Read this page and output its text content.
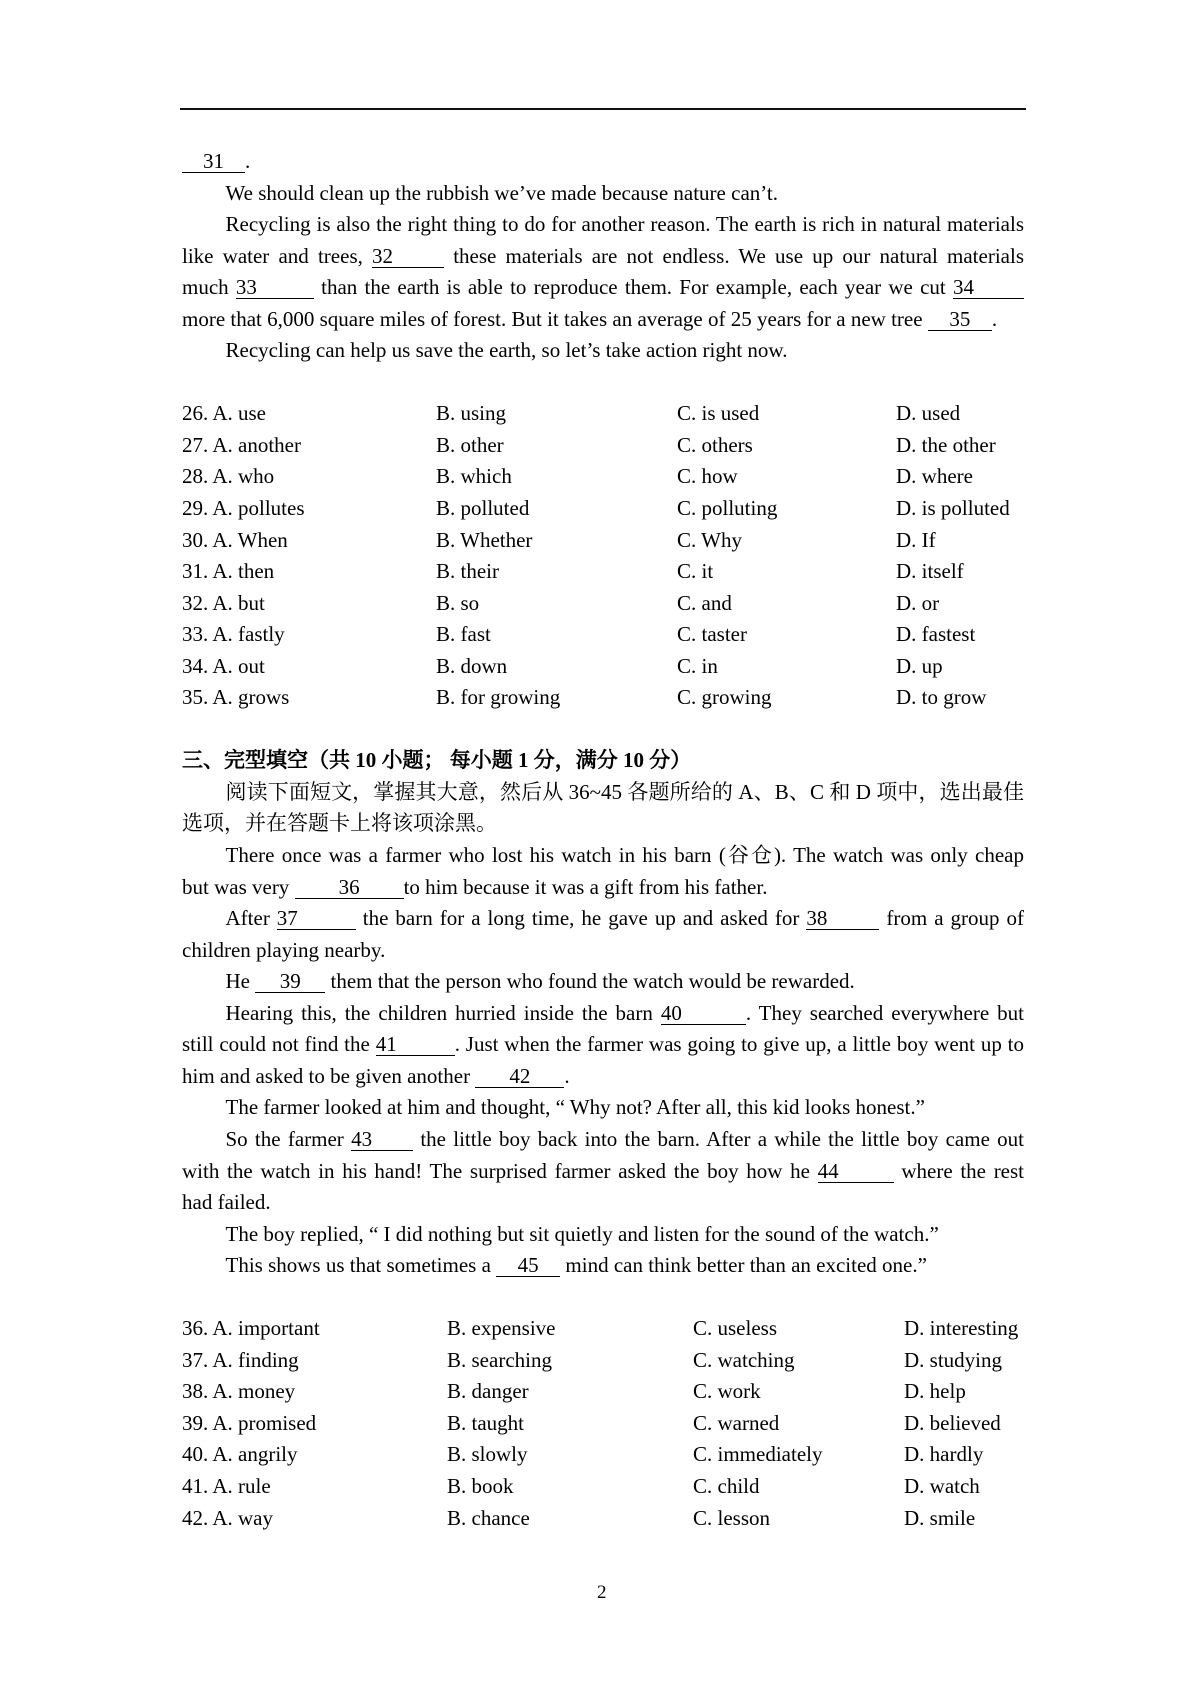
31 .
We should clean up the rubbish we’ve made because nature can’t.
Recycling is also the right thing to do for another reason. The earth is rich in natural materials
like water and trees, 32 these materials are not endless. We use up our natural materials
much 33	than the earth is able to reproduce them. For example, each year we cut 34
more that 6,000 square miles of forest. But it takes an average of 25 years for a new tree 35 .
Recycling can help us save the earth, so let’s take action right now.
26. A. use	B. using	C. is used	D. used
27. A. another	B. other	C. others	D. the other
28. A. who	B. which	C. how	D. where
29. A. pollutes	B. polluted	C. polluting	D. is polluted
30. A. When	B. Whether	C. Why	D. If
31. A. then	B. their	C. it	D. itself
32. A. but	B. so	C. and	D. or
33. A. fastly	B. fast	C. taster	D. fastest
34. A. out	B. down	C. in	D. up
35. A. grows	B. for growing	C. growing	D. to grow
三、完型填空（共 10 小题； 每小题 1 分，满分 10 分）
阅读下面短文，掌握其大意，然后从 36~45 各题所给的 A、B、C 和 D 项中，选出最佳
选项，并在答题卡上将该项涂黑。
There once was a farmer who lost his watch in his barn (谷仓). The watch was only cheap
but was very 36 to him because it was a gift from his father.
After 37	the barn for a long time, he gave up and asked for 38 from a group of
children playing nearby.
He 39 them that the person who found the watch would be rewarded.
Hearing this, the children hurried inside the barn 40	. They searched everywhere but
still could not find the 41	. Just when the farmer was going to give up, a little boy went up to
him and asked to be given another 42 .
The farmer looked at him and thought, “ Why not? After all, this kid looks honest.”
So the farmer 43 the little boy back into the barn. After a while the little boy came out
with the watch in his hand! The surprised farmer asked the boy how he 44	where the rest
had failed.
The boy replied, “ I did nothing but sit quietly and listen for the sound of the watch.”
This shows us that sometimes a 45 mind can think better than an excited one.”
36. A. important	B. expensive	C. useless	D. interesting
37. A. finding	B. searching	C. watching	D. studying
38. A. money	B. danger	C. work	D. help
39. A. promised	B. taught	C. warned	D. believed
40. A. angrily	B. slowly	C. immediately	D. hardly
41. A. rule	B. book	C. child	D. watch
42. A. way	B. chance	C. lesson	D. smile
2
